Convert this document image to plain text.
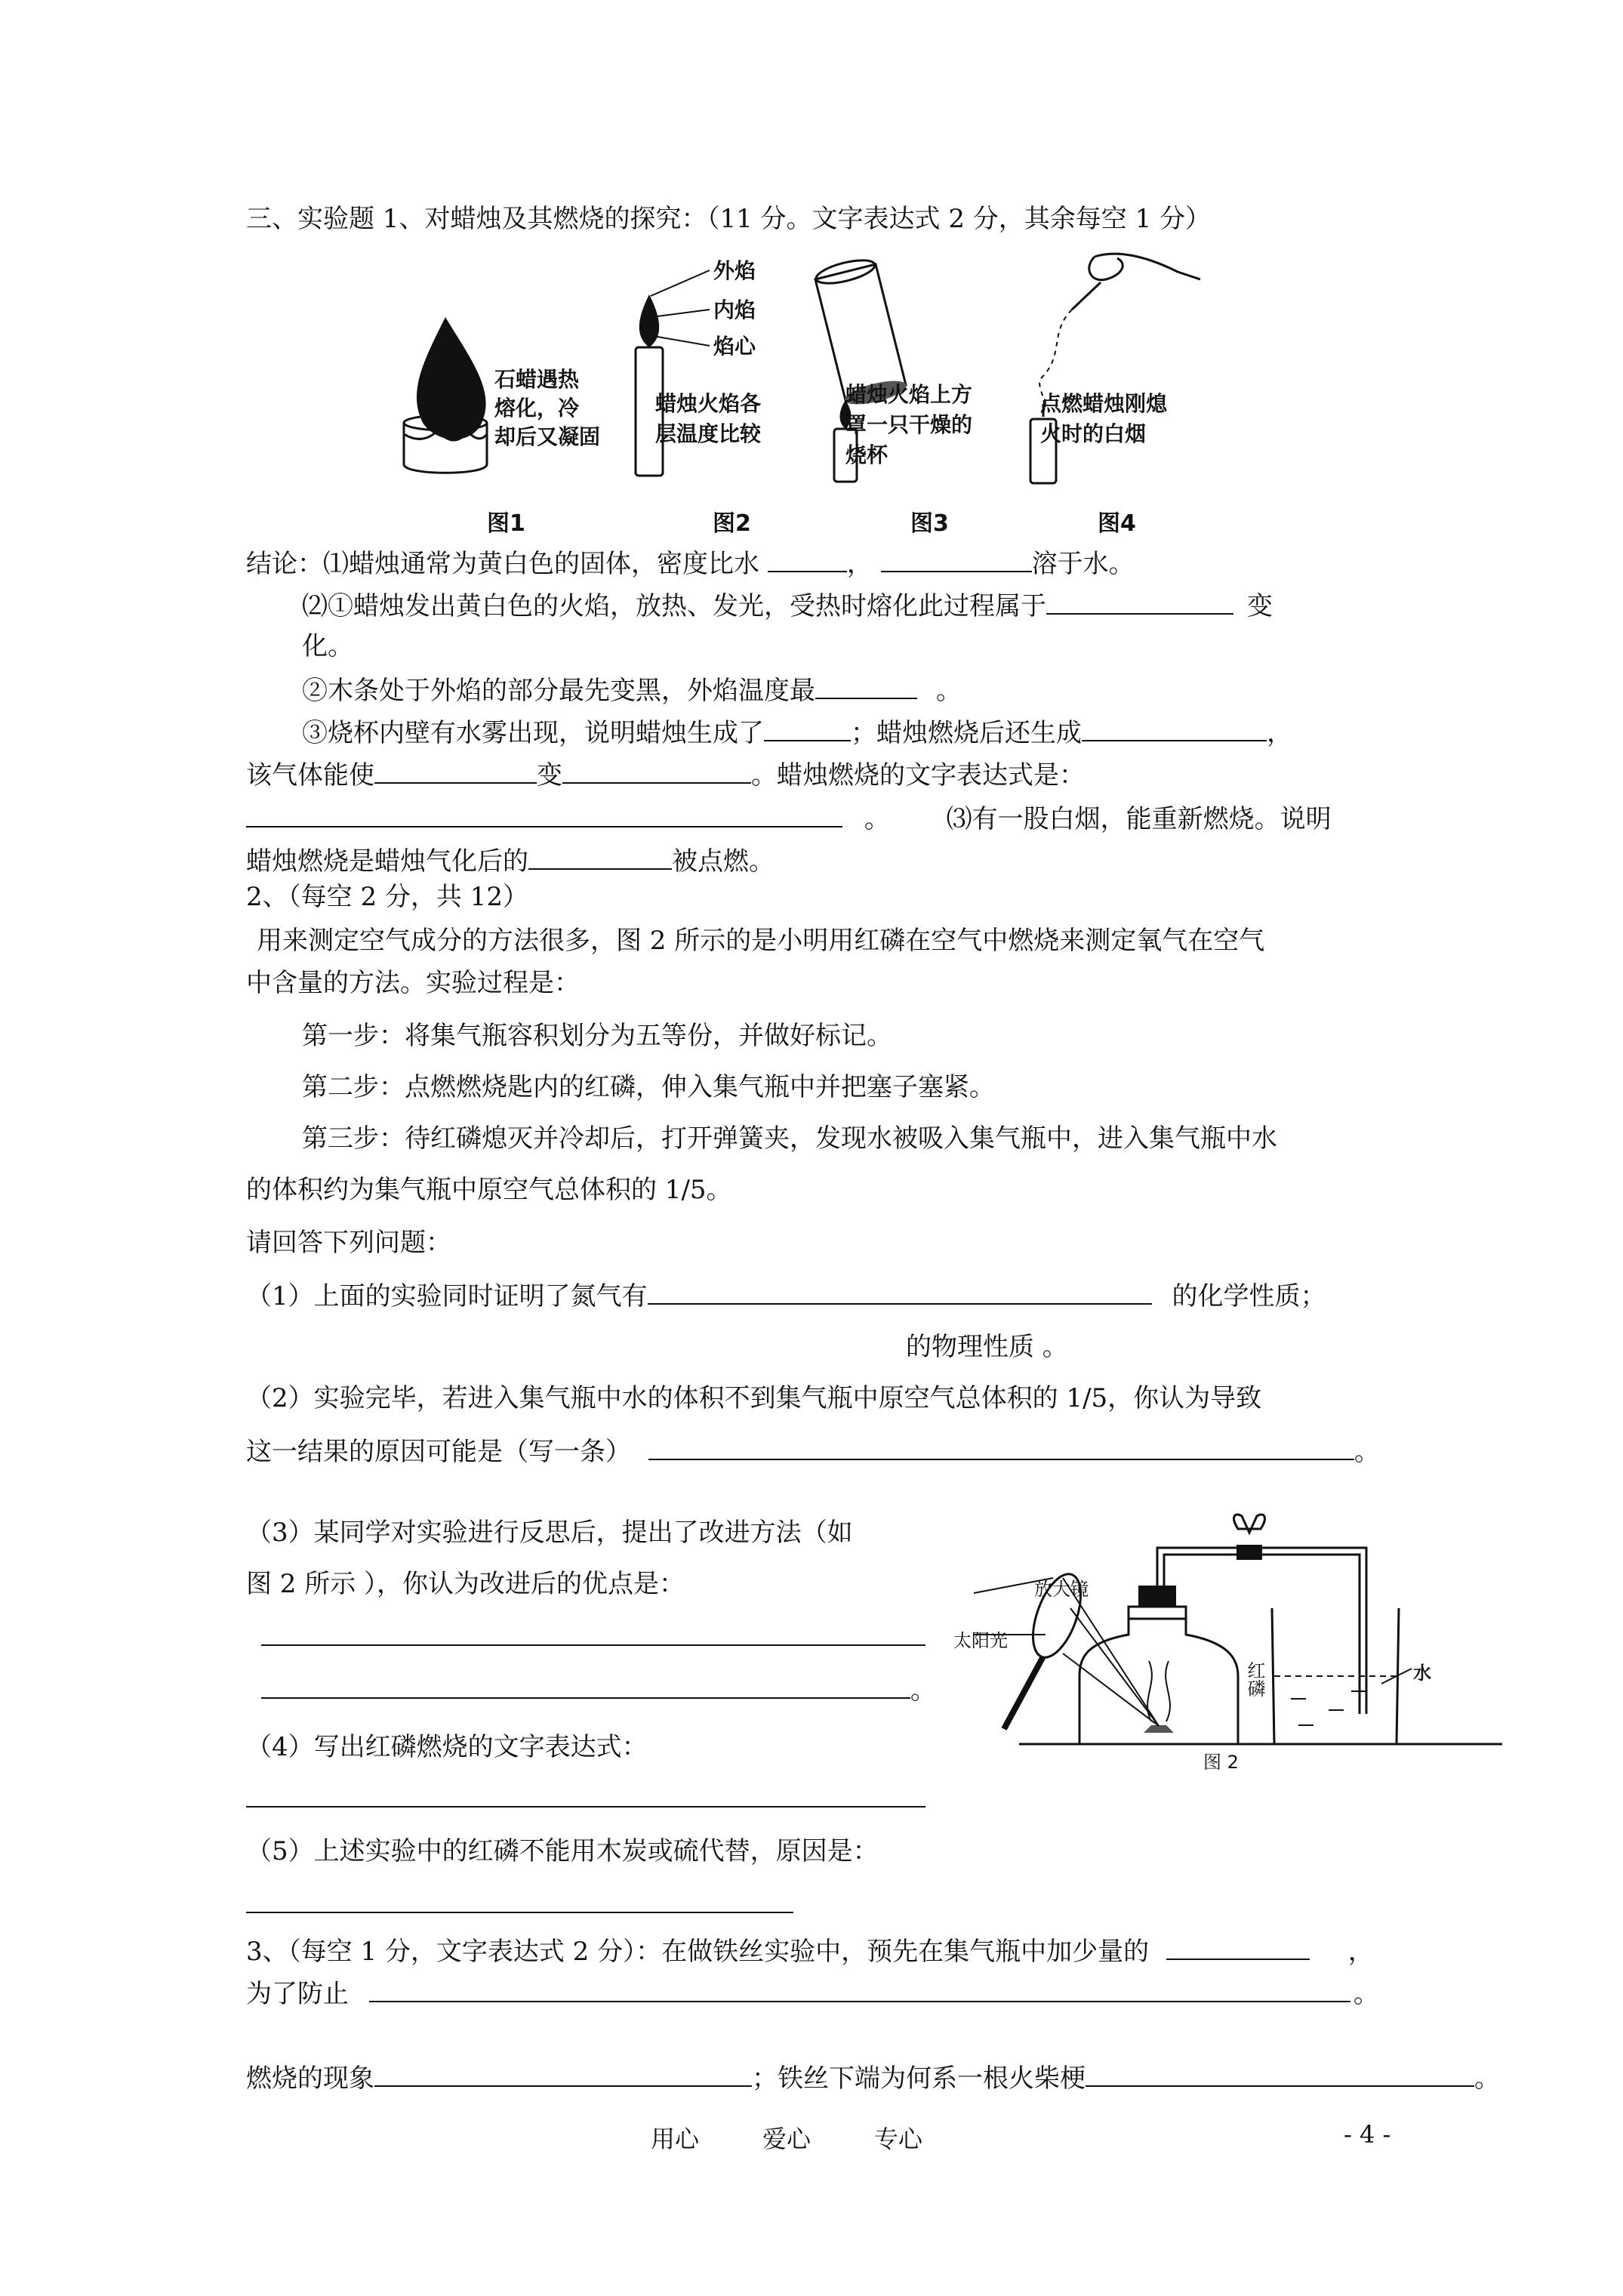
三、实验题 1、对蜡烛及其燃烧的探究：（11 分。文字表达式 2 分，其余每空 1 分）
外焰
内焰
焰心
石蜡遇热
熔化，冷
却后又凝固
蜡烛火焰各
层温度比较
蜡烛火焰上方
罩一只干燥的
烧杯
点燃蜡烛刚熄
火时的白烟
图1	图2	图3	图4
结论：⑴蜡烛通常为黄白色的固体，密度比水	，	溶于水。
⑵①蜡烛发出黄白色的火焰，放热、发光，受热时熔化此过程属于	变
化。
②木条处于外焰的部分最先变黑，外焰温度最	。
③烧杯内壁有水雾出现，说明蜡烛生成了	；蜡烛燃烧后还生成	，
该气体能使	变	。蜡烛燃烧的文字表达式是：
。 ⑶有一股白烟，能重新燃烧。说明
蜡烛燃烧是蜡烛气化后的	被点燃。
2、（每空 2 分，共 12）
用来测定空气成分的方法很多，图 2 所示的是小明用红磷在空气中燃烧来测定氧气在空气
中含量的方法。实验过程是：
第一步：将集气瓶容积划分为五等份，并做好标记。
第二步：点燃燃烧匙内的红磷，伸入集气瓶中并把塞子塞紧。
第三步：待红磷熄灭并冷却后，打开弹簧夹，发现水被吸入集气瓶中，进入集气瓶中水
的体积约为集气瓶中原空气总体积的 1/5。
请回答下列问题：
（1）上面的实验同时证明了氮气有	的化学性质；
的物理性质 。
（2）实验完毕，若进入集气瓶中水的体积不到集气瓶中原空气总体积的 1/5，你认为导致
这一结果的原因可能是（写一条）	。
（3）某同学对实验进行反思后，提出了改进方法（如
图 2 所示 ），你认为改进后的优点是：
。
（4）写出红磷燃烧的文字表达式：
（5）上述实验中的红磷不能用木炭或硫代替，原因是：
放大镜
太阳光
红磷	水
图 2
3、（每空 1 分，文字表达式 2 分）：在做铁丝实验中，预先在集气瓶中加少量的	，
为了防止	。
燃烧的现象	；铁丝下端为何系一根火柴梗	。
用心	爱心	专心	- 4 -
